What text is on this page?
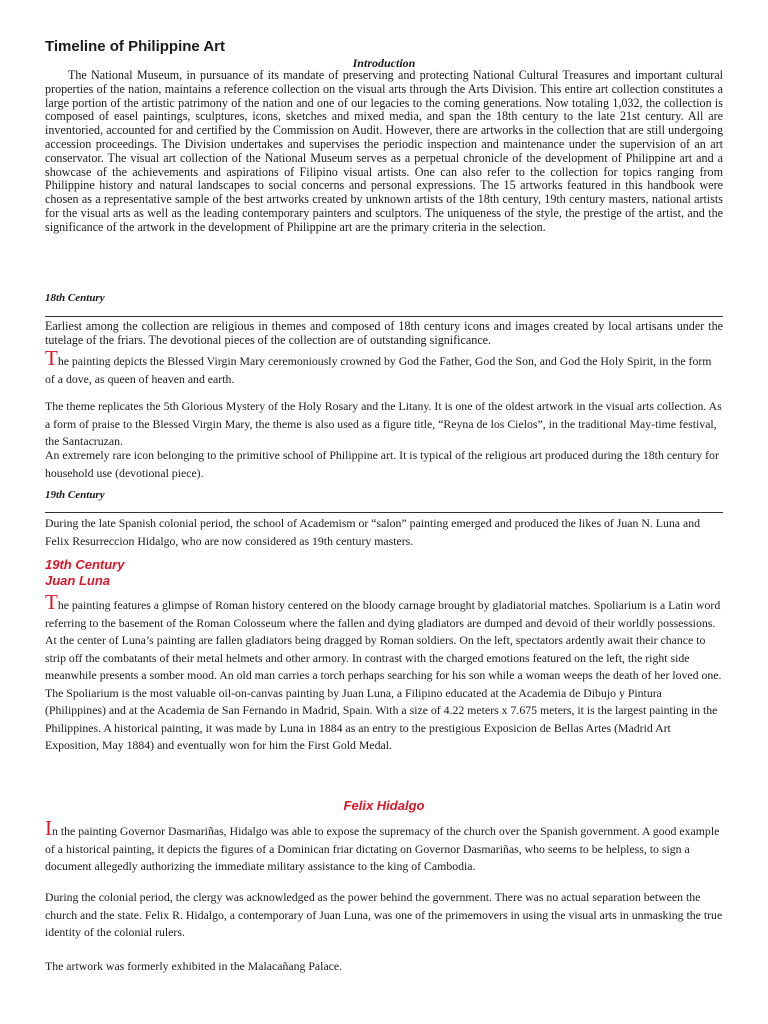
Timeline of Philippine Art
Introduction

The National Museum, in pursuance of its mandate of preserving and protecting National Cultural Treasures and important cultural properties of the nation, maintains a reference collection on the visual arts through the Arts Division. This entire art collection constitutes a large portion of the artistic patrimony of the nation and one of our legacies to the coming generations. Now totaling 1,032, the collection is composed of easel paintings, sculptures, icons, sketches and mixed media, and span the 18th century to the late 21st century. All are inventoried, accounted for and certified by the Commission on Audit. However, there are artworks in the collection that are still undergoing accession proceedings. The Division undertakes and supervises the periodic inspection and maintenance under the supervision of an art conservator. The visual art collection of the National Museum serves as a perpetual chronicle of the development of Philippine art and a showcase of the achievements and aspirations of Filipino visual artists. One can also refer to the collection for topics ranging from Philippine history and natural landscapes to social concerns and personal expressions. The 15 artworks featured in this handbook were chosen as a representative sample of the best artworks created by unknown artists of the 18th century, 19th century masters, national artists for the visual arts as well as the leading contemporary painters and sculptors. The uniqueness of the style, the prestige of the artist, and the significance of the artwork in the development of Philippine art are the primary criteria in the selection.

18th Century

Earliest among the collection are religious in themes and composed of 18th century icons and images created by local artisans under the tutelage of the friars. The devotional pieces of the collection are of outstanding significance.

The painting depicts the Blessed Virgin Mary ceremoniously crowned by God the Father, God the Son, and God the Holy Spirit, in the form of a dove, as queen of heaven and earth.

The theme replicates the 5th Glorious Mystery of the Holy Rosary and the Litany. It is one of the oldest artwork in the visual arts collection. As a form of praise to the Blessed Virgin Mary, the theme is also used as a figure title, “Reyna de los Cielos”, in the traditional May-time festival, the Santacruzan.

An extremely rare icon belonging to the primitive school of Philippine art. It is typical of the religious art produced during the 18th century for household use (devotional piece).

19th Century

During the late Spanish colonial period, the school of Academism or “salon” painting emerged and produced the likes of Juan N. Luna and Felix Resurreccion Hidalgo, who are now considered as 19th century masters.

19th Century

Juan Luna

The painting features a glimpse of Roman history centered on the bloody carnage brought by gladiatorial matches. Spoliarium is a Latin word referring to the basement of the Roman Colosseum where the fallen and dying gladiators are dumped and devoid of their worldly possessions.

At the center of Luna’s painting are fallen gladiators being dragged by Roman soldiers. On the left, spectators ardently await their chance to strip off the combatants of their metal helmets and other armory. In contrast with the charged emotions featured on the left, the right side meanwhile presents a somber mood. An old man carries a torch perhaps searching for his son while a woman weeps the death of her loved one.

The Spoliarium is the most valuable oil-on-canvas painting by Juan Luna, a Filipino educated at the Academia de Dibujo y Pintura (Philippines) and at the Academia de San Fernando in Madrid, Spain. With a size of 4.22 meters x 7.675 meters, it is the largest painting in the Philippines. A historical painting, it was made by Luna in 1884 as an entry to the prestigious Exposicion de Bellas Artes (Madrid Art Exposition, May 1884) and eventually won for him the First Gold Medal.

Felix Hidalgo

In the painting Governor Dasmariñas, Hidalgo was able to expose the supremacy of the church over the Spanish government. A good example of a historical painting, it depicts the figures of a Dominican friar dictating on Governor Dasmariñas, who seems to be helpless, to sign a document allegedly authorizing the immediate military assistance to the king of Cambodia.

During the colonial period, the clergy was acknowledged as the power behind the government. There was no actual separation between the church and the state. Felix R. Hidalgo, a contemporary of Juan Luna, was one of the primemovers in using the visual arts in unmasking the true identity of the colonial rulers.

The artwork was formerly exhibited in the Malacañang Palace.
